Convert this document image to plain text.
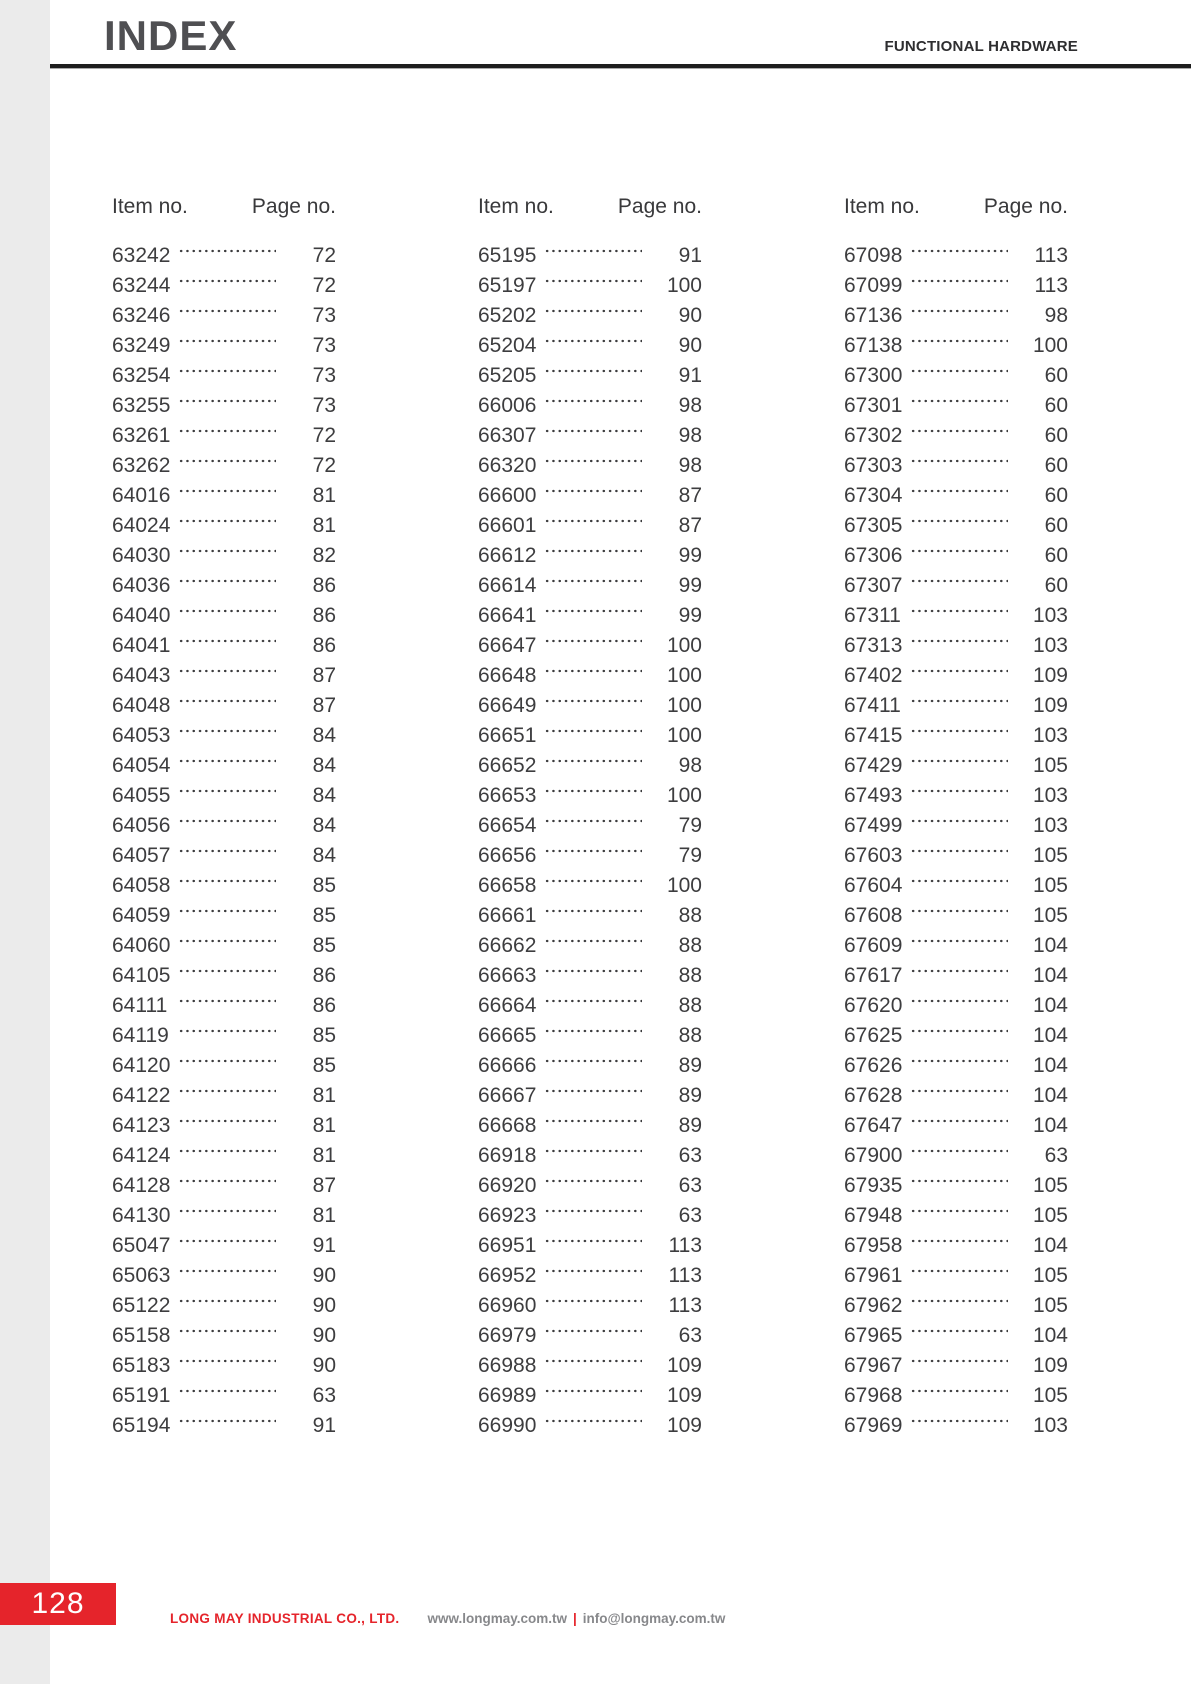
INDEX	FUNCTIONAL HARDWARE
Item no.	Page no.
63242	72
63244	72
63246	73
63249	73
63254	73
63255	73
63261	72
63262	72
64016	81
64024	81
64030	82
64036	86
64040	86
64041	86
64043	87
64048	87
64053	84
64054	84
64055	84
64056	84
64057	84
64058	85
64059	85
64060	85
64105	86
64111	86
64119	85
64120	85
64122	81
64123	81
64124	81
64128	87
64130	81
65047	91
65063	90
65122	90
65158	90
65183	90
65191	63
65194	91
Item no.	Page no.
65195	91
65197	100
65202	90
65204	90
65205	91
66006	98
66307	98
66320	98
66600	87
66601	87
66612	99
66614	99
66641	99
66647	100
66648	100
66649	100
66651	100
66652	98
66653	100
66654	79
66656	79
66658	100
66661	88
66662	88
66663	88
66664	88
66665	88
66666	89
66667	89
66668	89
66918	63
66920	63
66923	63
66951	113
66952	113
66960	113
66979	63
66988	109
66989	109
66990	109
Item no.	Page no.
67098	113
67099	113
67136	98
67138	100
67300	60
67301	60
67302	60
67303	60
67304	60
67305	60
67306	60
67307	60
67311	103
67313	103
67402	109
67411	109
67415	103
67429	105
67493	103
67499	103
67603	105
67604	105
67608	105
67609	104
67617	104
67620	104
67625	104
67626	104
67628	104
67647	104
67900	63
67935	105
67948	105
67958	104
67961	105
67962	105
67965	104
67967	109
67968	105
67969	103
128	LONG MAY INDUSTRIAL CO., LTD. www.longmay.com.tw | info@longmay.com.tw
